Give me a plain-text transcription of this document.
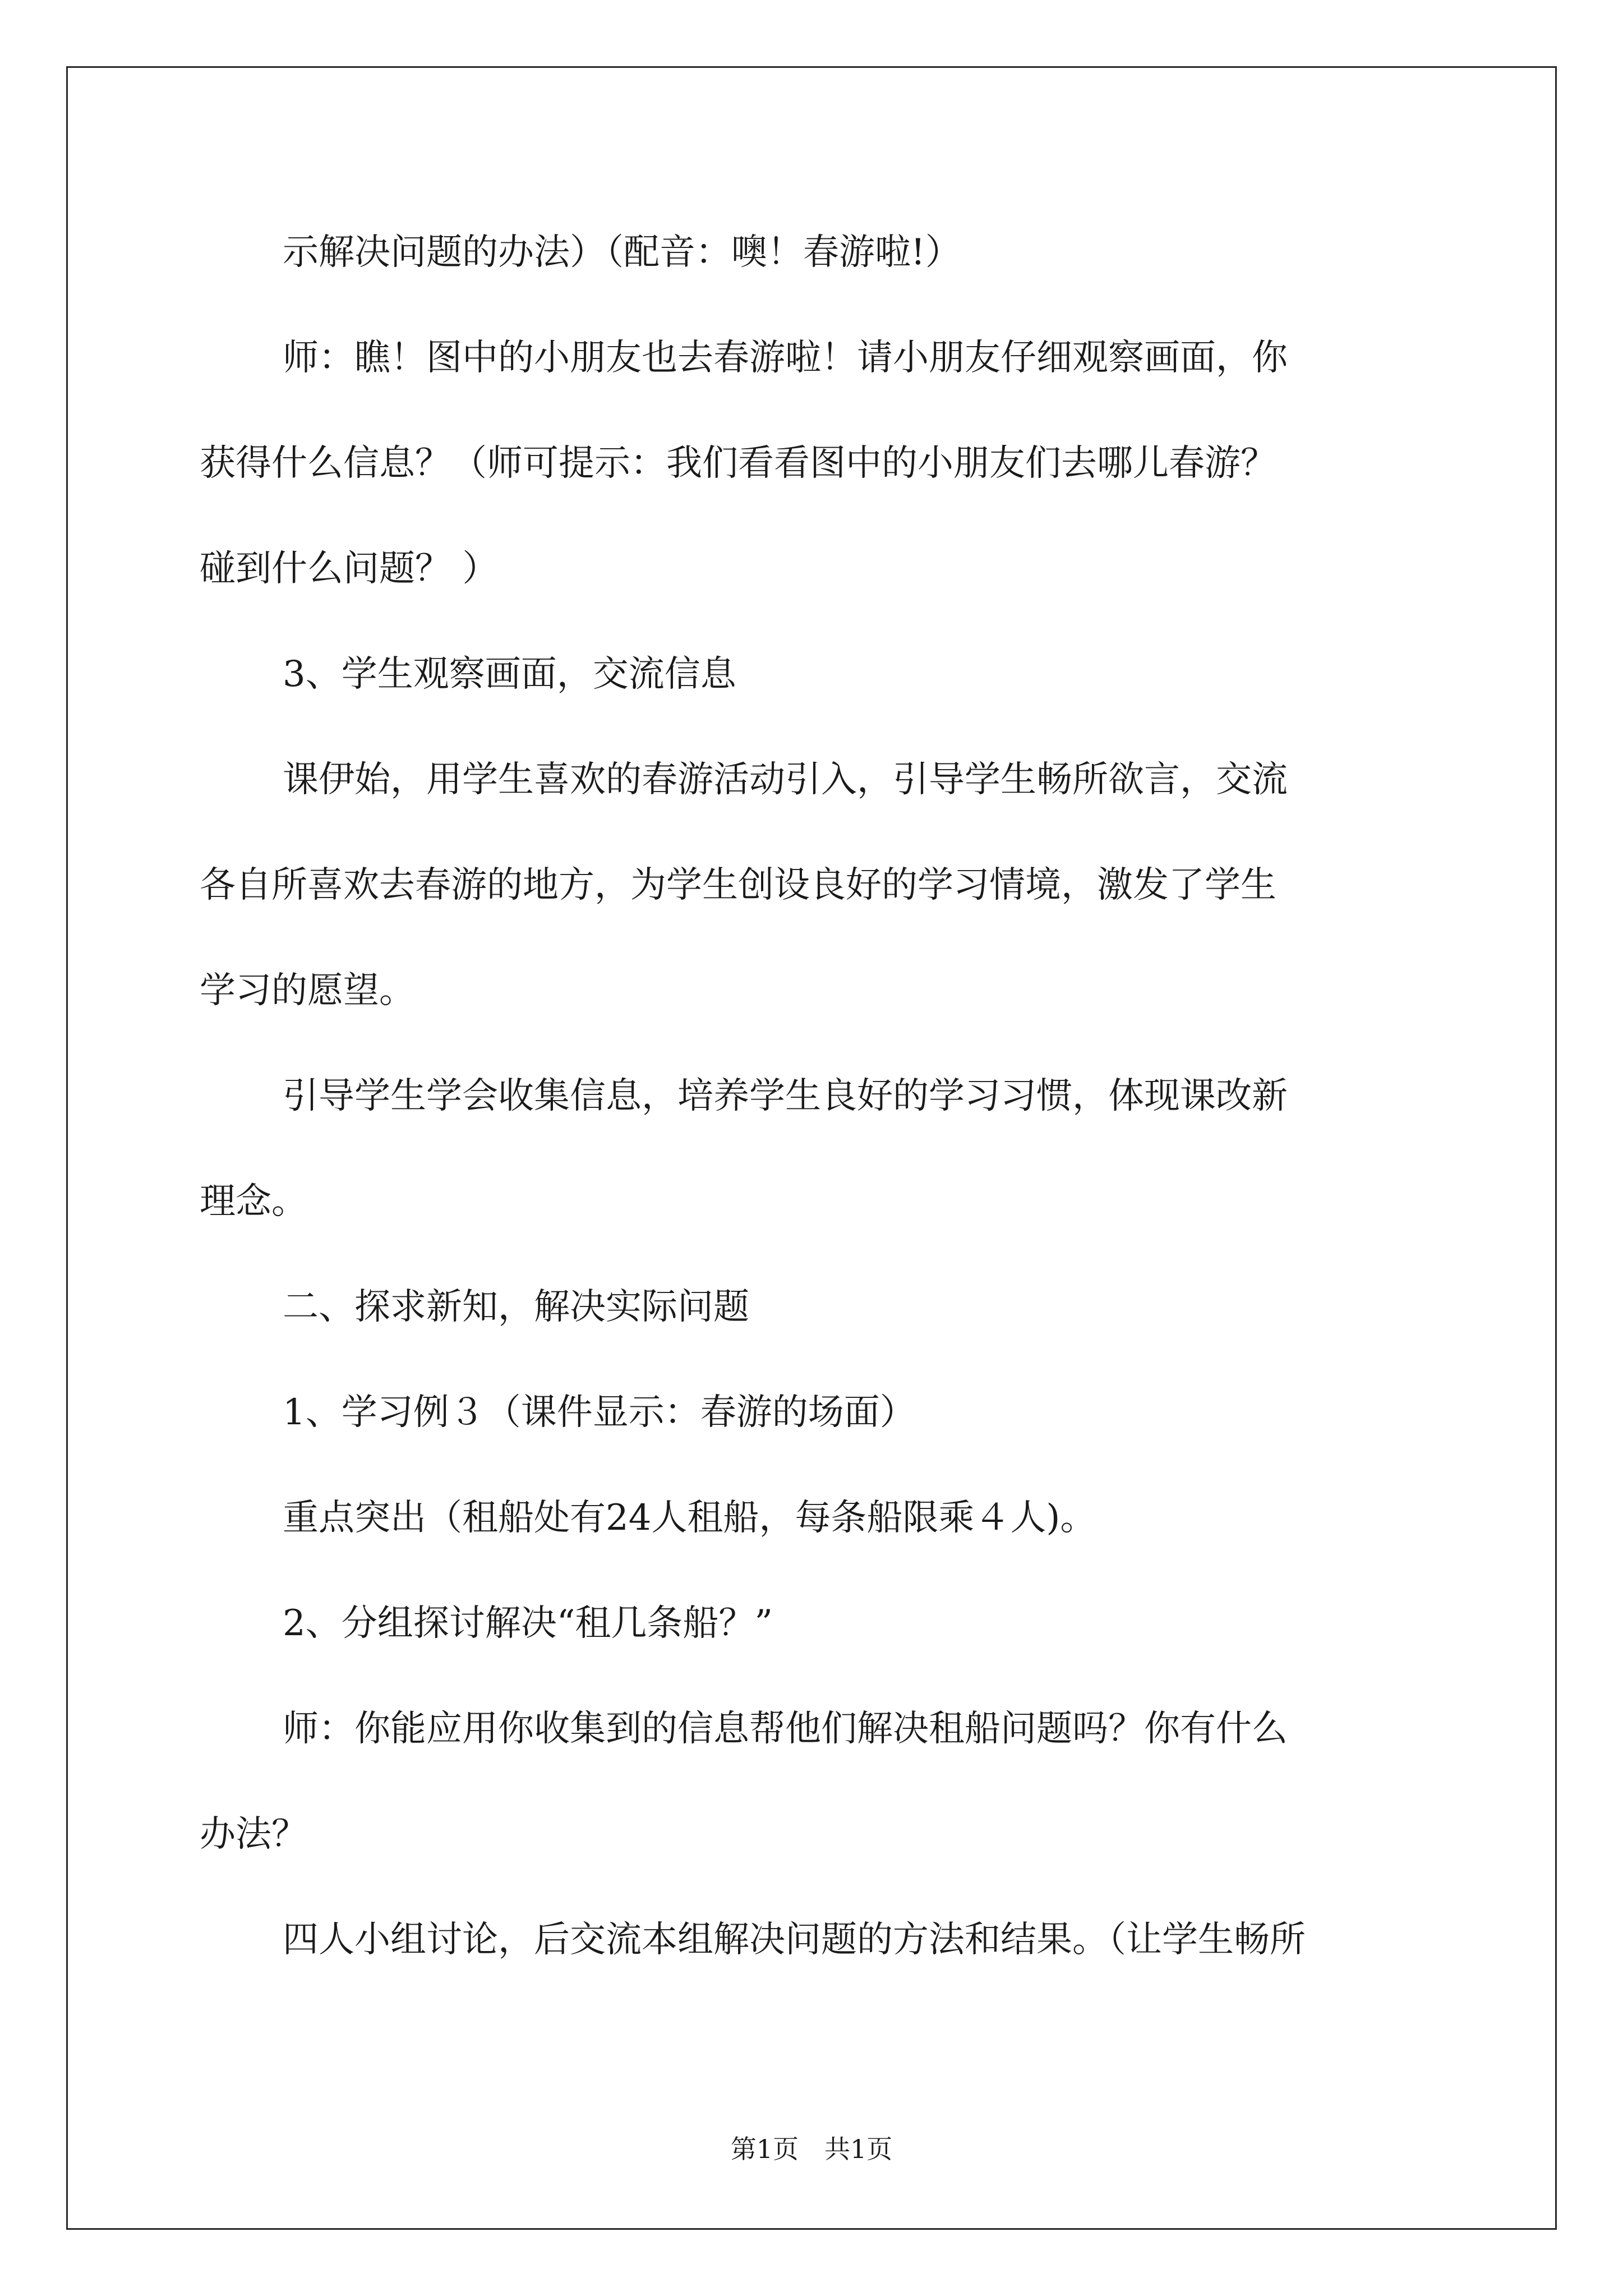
示解决问题的办法）（配音：噢！春游啦!）
师：瞧！图中的小朋友也去春游啦！请小朋友仔细观察画面，你
获得什么信息？（师可提示：我们看看图中的小朋友们去哪儿春游？
碰到什么问题？ ）
3、学生观察画面，交流信息
课伊始，用学生喜欢的春游活动引入，引导学生畅所欲言，交流
各自所喜欢去春游的地方，为学生创设良好的学习情境，激发了学生
学习的愿望。
引导学生学会收集信息，培养学生良好的学习习惯，体现课改新
理念。
二、探求新知，解决实际问题
1、学习例３（课件显示：春游的场面）
重点突出（租船处有24人租船，每条船限乘４人)。
2、分组探讨解决“租几条船？”
师：你能应用你收集到的信息帮他们解决租船问题吗？你有什么
办法？
四人小组讨论，后交流本组解决问题的方法和结果。（让学生畅所
第1页　共1页
